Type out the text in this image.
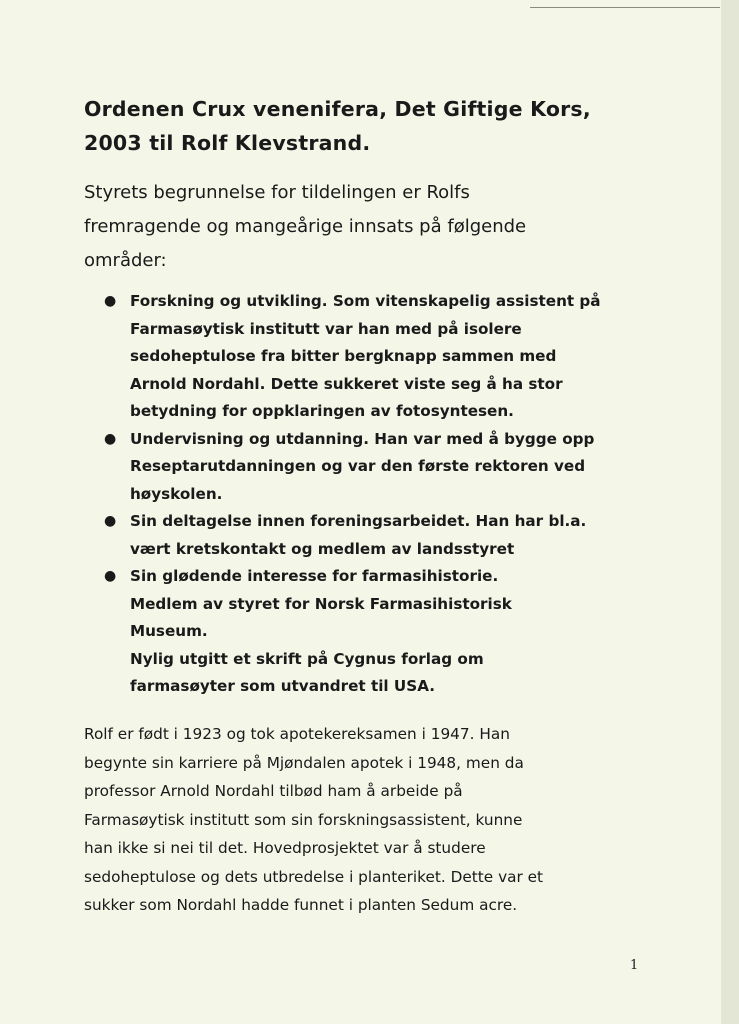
Ordenen Crux venenifera, Det Giftige Kors,
2003 til Rolf Klevstrand.
Styrets begrunnelse for tildelingen er Rolfs
fremragende og mangeårige innsats på følgende
områder:
● Forskning og utvikling. Som vitenskapelig assistent på
Farmasøytisk institutt var han med på isolere
sedoheptulose fra bitter bergknapp sammen med
Arnold Nordahl. Dette sukkeret viste seg å ha stor
betydning for oppklaringen av fotosyntesen.
● Undervisning og utdanning. Han var med å bygge opp
Reseptarutdanningen og var den første rektoren ved
høyskolen.
● Sin deltagelse innen foreningsarbeidet. Han har bl.a.
vært kretskontakt og medlem av landsstyret
● Sin glødende interesse for farmasihistorie.
Medlem av styret for Norsk Farmasihistorisk
Museum.
Nylig utgitt et skrift på Cygnus forlag om
farmasøyter som utvandret til USA.
Rolf er født i 1923 og tok apotekereksamen i 1947. Han
begynte sin karriere på Mjøndalen apotek i 1948, men da
professor Arnold Nordahl tilbød ham å arbeide på
Farmasøytisk institutt som sin forskningsassistent, kunne
han ikke si nei til det. Hovedprosjektet var å studere
sedoheptulose og dets utbredelse i planteriket. Dette var et
sukker som Nordahl hadde funnet i planten Sedum acre.
1
